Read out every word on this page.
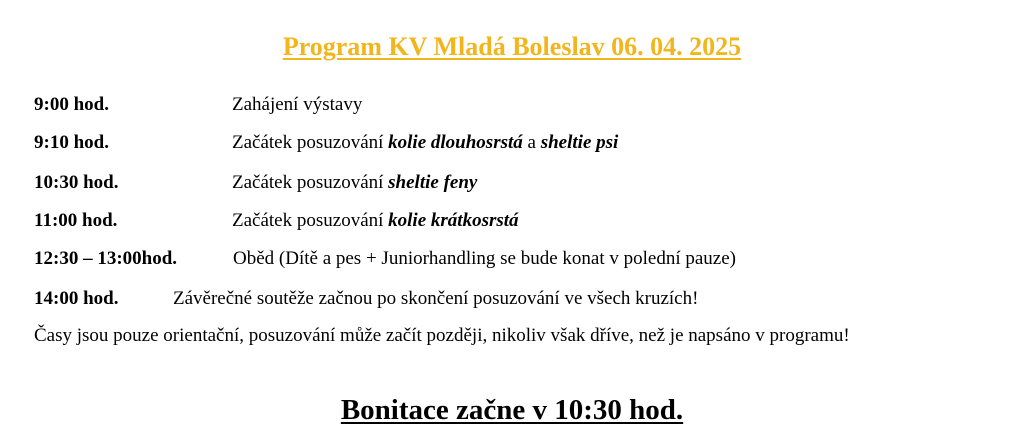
Program KV Mladá Boleslav 06. 04. 2025
9:00 hod.	Zahájení výstavy
9:10 hod.	Začátek posuzování kolie dlouhosrstá a sheltie psi
10:30 hod.	Začátek posuzování sheltie feny
11:00 hod.	Začátek posuzování kolie krátkosrstá
12:30 – 13:00hod.	Oběd (Dítě a pes + Juniorhandling se bude konat v polední pauze)
14:00 hod.	Závěrečné soutěže začnou po skončení posuzování ve všech kruzích!
Časy jsou pouze orientační, posuzování může začít později, nikoliv však dříve, než je napsáno v programu!
Bonitace začne v 10:30 hod.
